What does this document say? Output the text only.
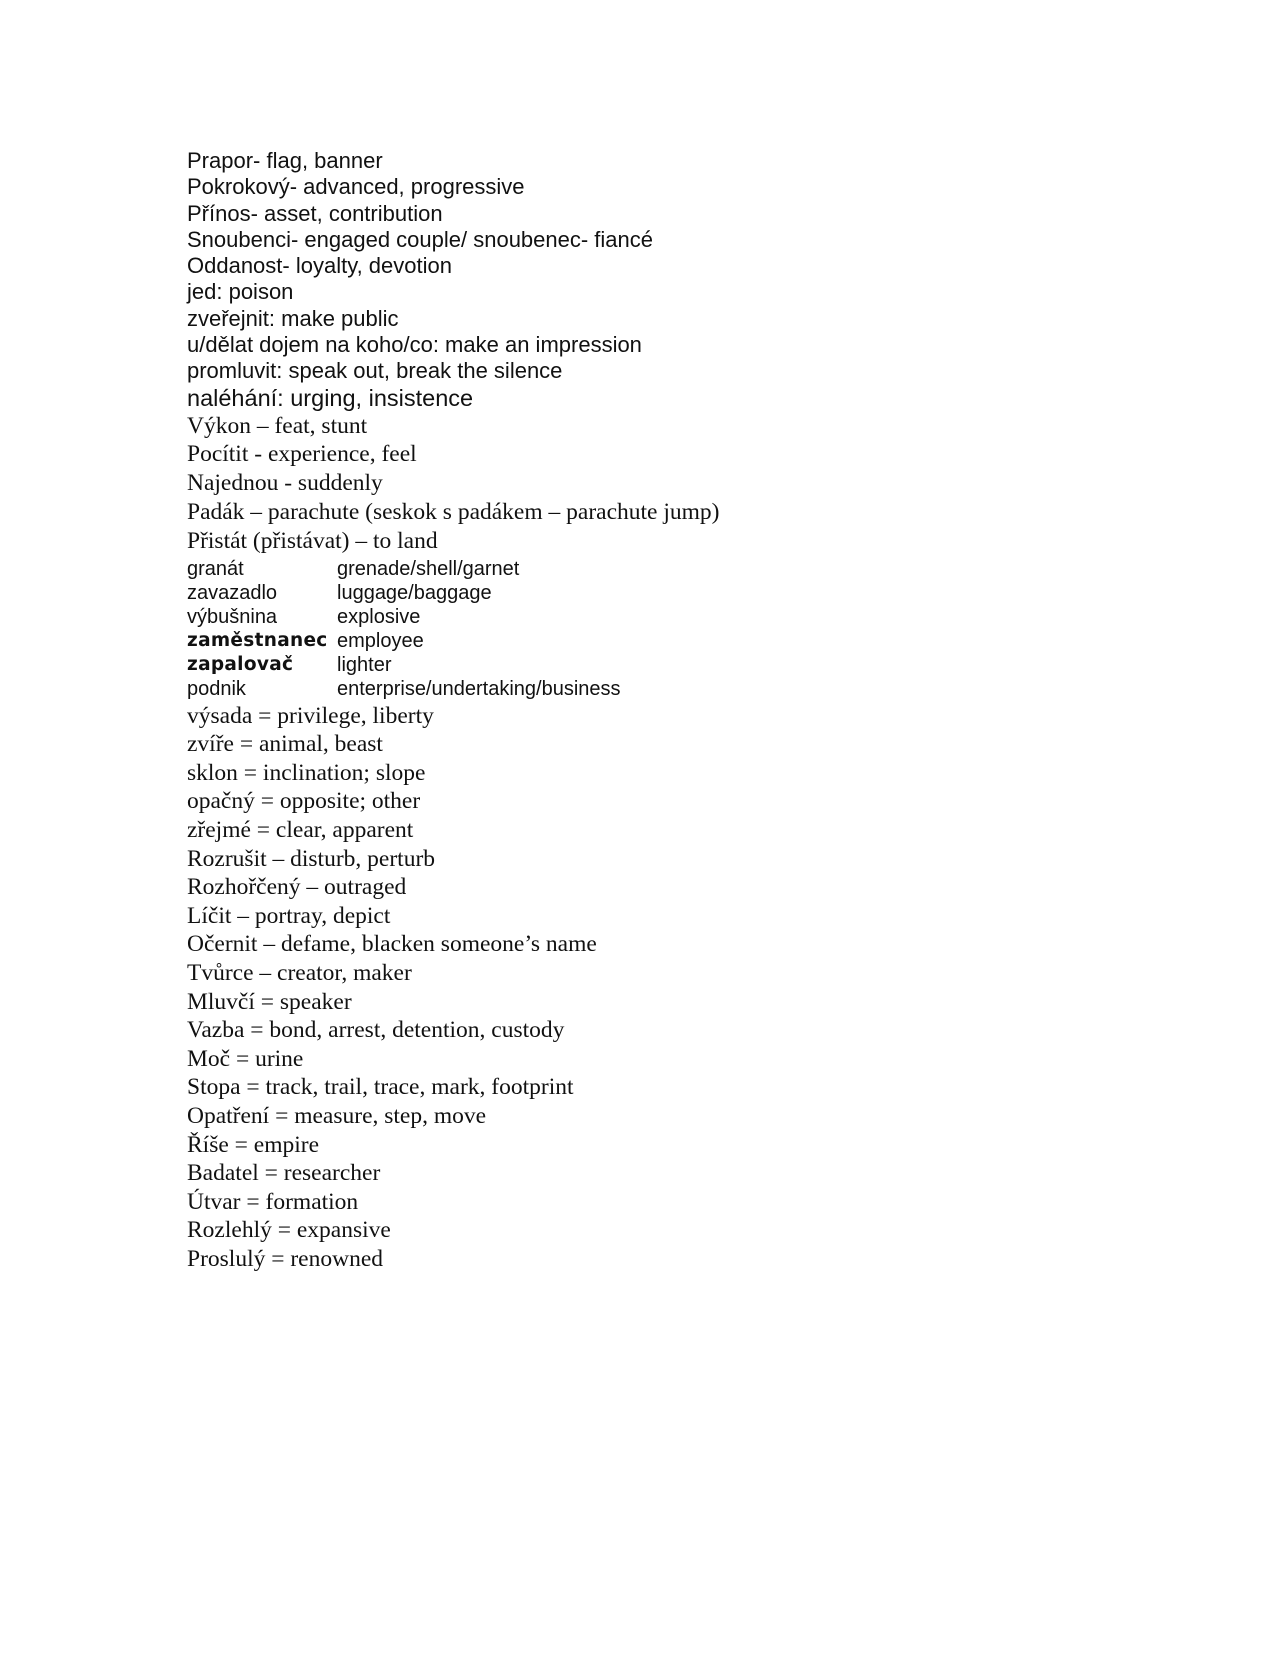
Prapor- flag, banner
Pokrokový- advanced, progressive
Přínos- asset, contribution
Snoubenci- engaged couple/ snoubenec- fiancé
Oddanost- loyalty, devotion
jed: poison
zveřejnit: make public
u/dělat dojem na koho/co: make an impression
promluvit: speak out, break the silence
naléhání: urging, insistence
Výkon – feat, stunt
Pocítit - experience, feel
Najednou - suddenly
Padák – parachute (seskok s padákem – parachute jump)
Přistát (přistávat) – to land
granát	grenade/shell/garnet
zavazadlo	luggage/baggage
výbušnina	explosive
zaměstnanec employee
zapalovač	lighter
podnik	enterprise/undertaking/business
výsada = privilege, liberty
zvíře = animal, beast
sklon = inclination; slope
opačný = opposite; other
zřejmé = clear, apparent
Rozrušit – disturb, perturb
Rozhořčený – outraged
Líčit – portray, depict
Očernit – defame, blacken someone’s name
Tvůrce – creator, maker
Mluvčí = speaker
Vazba = bond, arrest, detention, custody
Moč = urine
Stopa = track, trail, trace, mark, footprint
Opatření = measure, step, move
Říše = empire
Badatel = researcher
Útvar = formation
Rozlehlý = expansive
Proslulý = renowned
